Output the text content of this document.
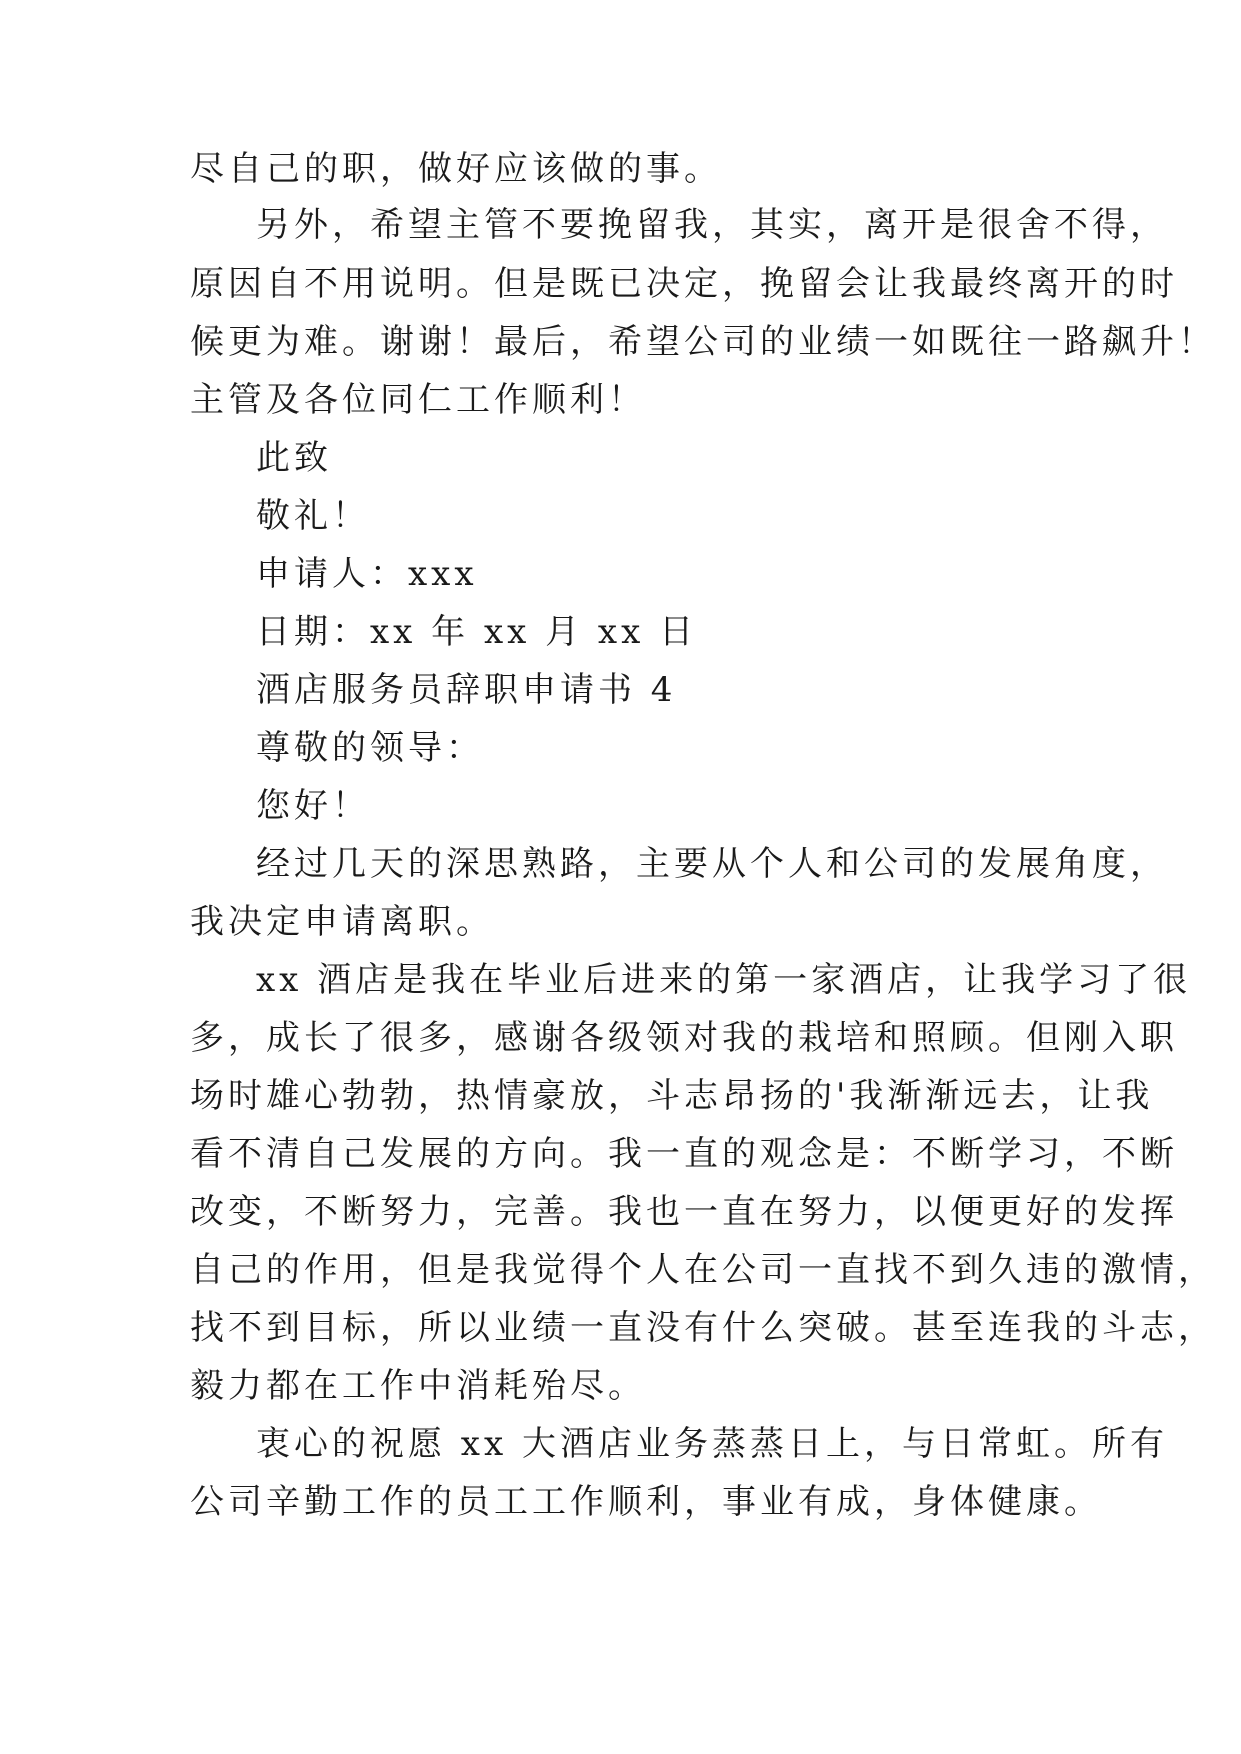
尽自己的职，做好应该做的事。
另外，希望主管不要挽留我，其实，离开是很舍不得，
原因自不用说明。但是既已决定，挽留会让我最终离开的时
候更为难。谢谢！最后，希望公司的业绩一如既往一路飙升！
主管及各位同仁工作顺利！
此致
敬礼！
申请人：xxx
日期：xx 年 xx 月 xx 日
酒店服务员辞职申请书 4
尊敬的领导：
您好！
经过几天的深思熟路，主要从个人和公司的发展角度，
我决定申请离职。
xx 酒店是我在毕业后进来的第一家酒店，让我学习了很
多，成长了很多，感谢各级领对我的栽培和照顾。但刚入职
场时雄心勃勃，热情豪放，斗志昂扬的'我渐渐远去，让我
看不清自己发展的方向。我一直的观念是：不断学习，不断
改变，不断努力，完善。我也一直在努力，以便更好的发挥
自己的作用，但是我觉得个人在公司一直找不到久违的激情，
找不到目标，所以业绩一直没有什么突破。甚至连我的斗志，
毅力都在工作中消耗殆尽。
衷心的祝愿 xx 大酒店业务蒸蒸日上，与日常虹。所有
公司辛勤工作的员工工作顺利，事业有成，身体健康。
